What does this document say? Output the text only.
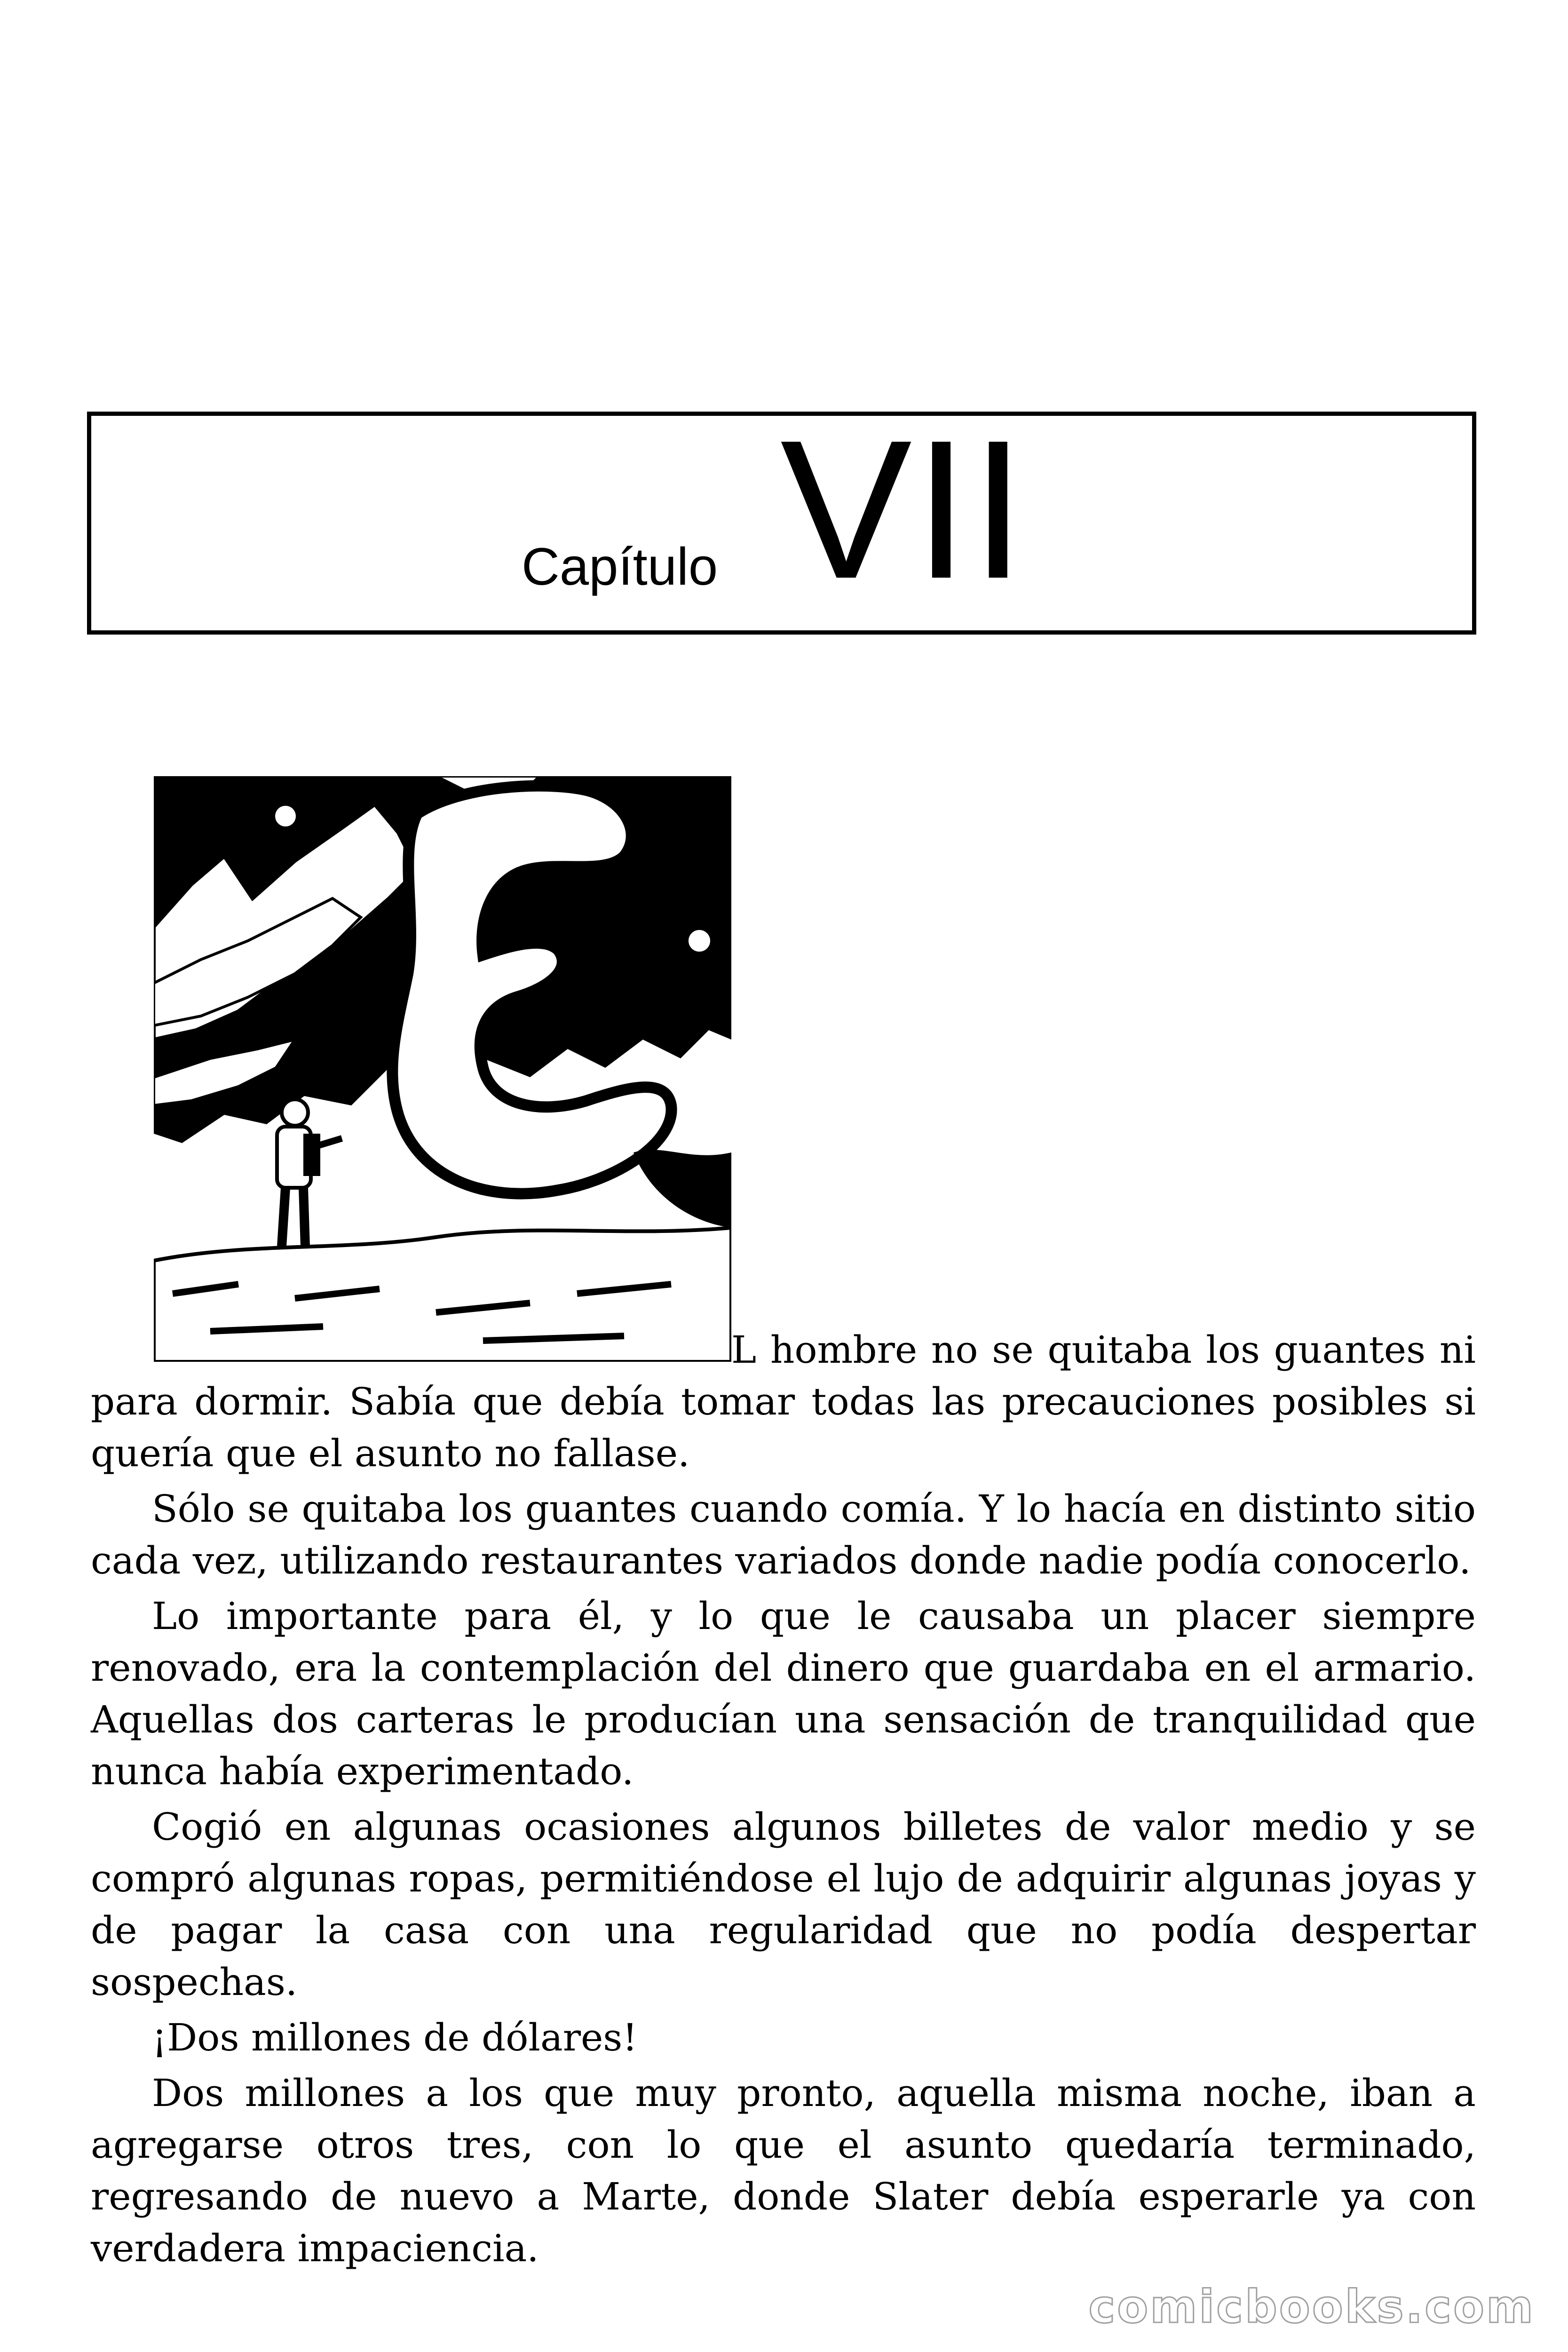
Capítulo VII
L hombre no se quitaba los guantes ni

para dormir. Sabía que debía tomar todas las precauciones posibles si quería que el asunto no fallase.

Sólo se quitaba los guantes cuando comía. Y lo hacía en distinto sitio cada vez, utilizando restaurantes variados donde nadie podía conocerlo.

Lo importante para él, y lo que le causaba un placer siempre renovado, era la contemplación del dinero que guardaba en el armario. Aquellas dos carteras le producían una sensación de tranquilidad que nunca había experimentado.

Cogió en algunas ocasiones algunos billetes de valor medio y se compró algunas ropas, permitiéndose el lujo de adquirir algunas joyas y de pagar la casa con una regularidad que no podía despertar sospechas.

¡Dos millones de dólares!

Dos millones a los que muy pronto, aquella misma noche, iban a agregarse otros tres, con lo que el asunto quedaría terminado, regresando de nuevo a Marte, donde Slater debía esperarle ya con verdadera impaciencia.

comicbooks.com
